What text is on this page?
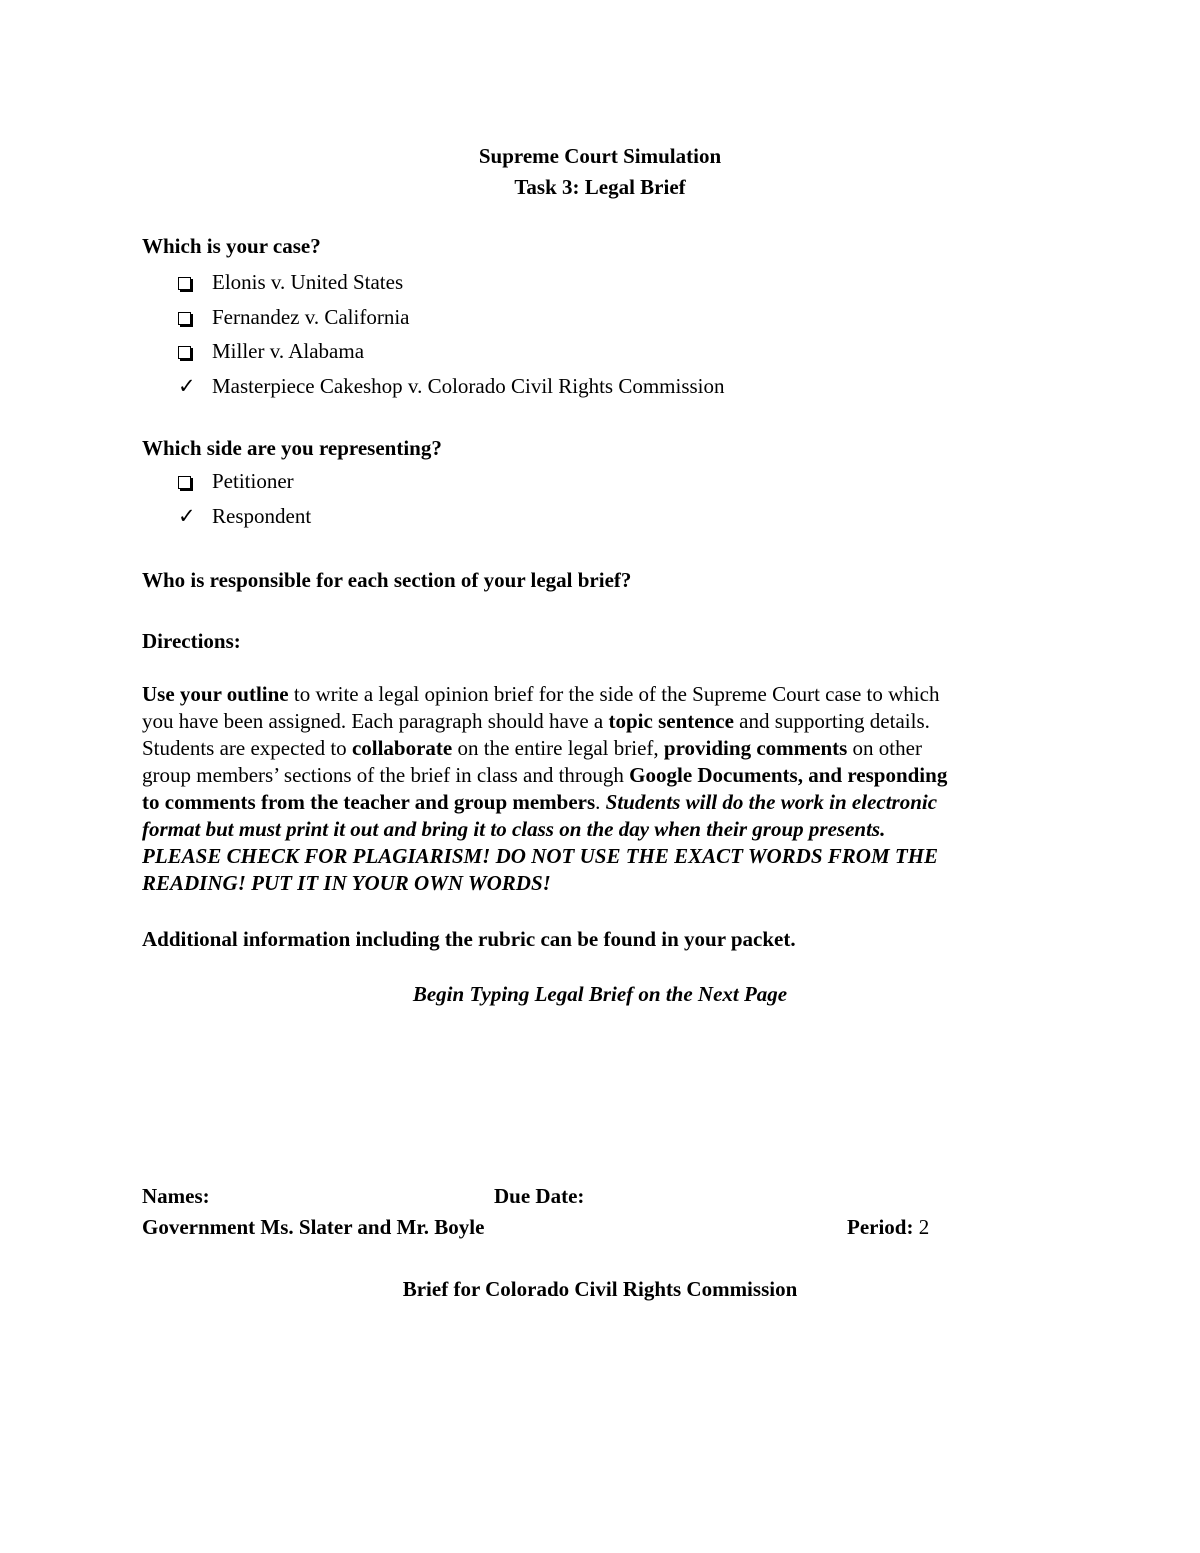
Supreme Court Simulation
Task 3: Legal Brief
Which is your case?
Elonis v. United States
Fernandez v. California
Miller v. Alabama
✓ Masterpiece Cakeshop v. Colorado Civil Rights Commission
Which side are you representing?
Petitioner
✓ Respondent
Who is responsible for each section of your legal brief?
Directions:

Use your outline to write a legal opinion brief for the side of the Supreme Court case to which

you have been assigned. Each paragraph should have a topic sentence and supporting details.

Students are expected to collaborate on the entire legal brief, providing comments on other

group members’ sections of the brief in class and through Google Documents, and responding

to comments from the teacher and group members. Students will do the work in electronic

format but must print it out and bring it to class on the day when their group presents.

PLEASE CHECK FOR PLAGIARISM! DO NOT USE THE EXACT WORDS FROM THE

READING! PUT IT IN YOUR OWN WORDS!

Additional information including the rubric can be found in your packet.
Begin Typing Legal Brief on the Next Page
Names:	Due Date:
Government Ms. Slater and Mr. Boyle	Period: 2
Brief for Colorado Civil Rights Commission
